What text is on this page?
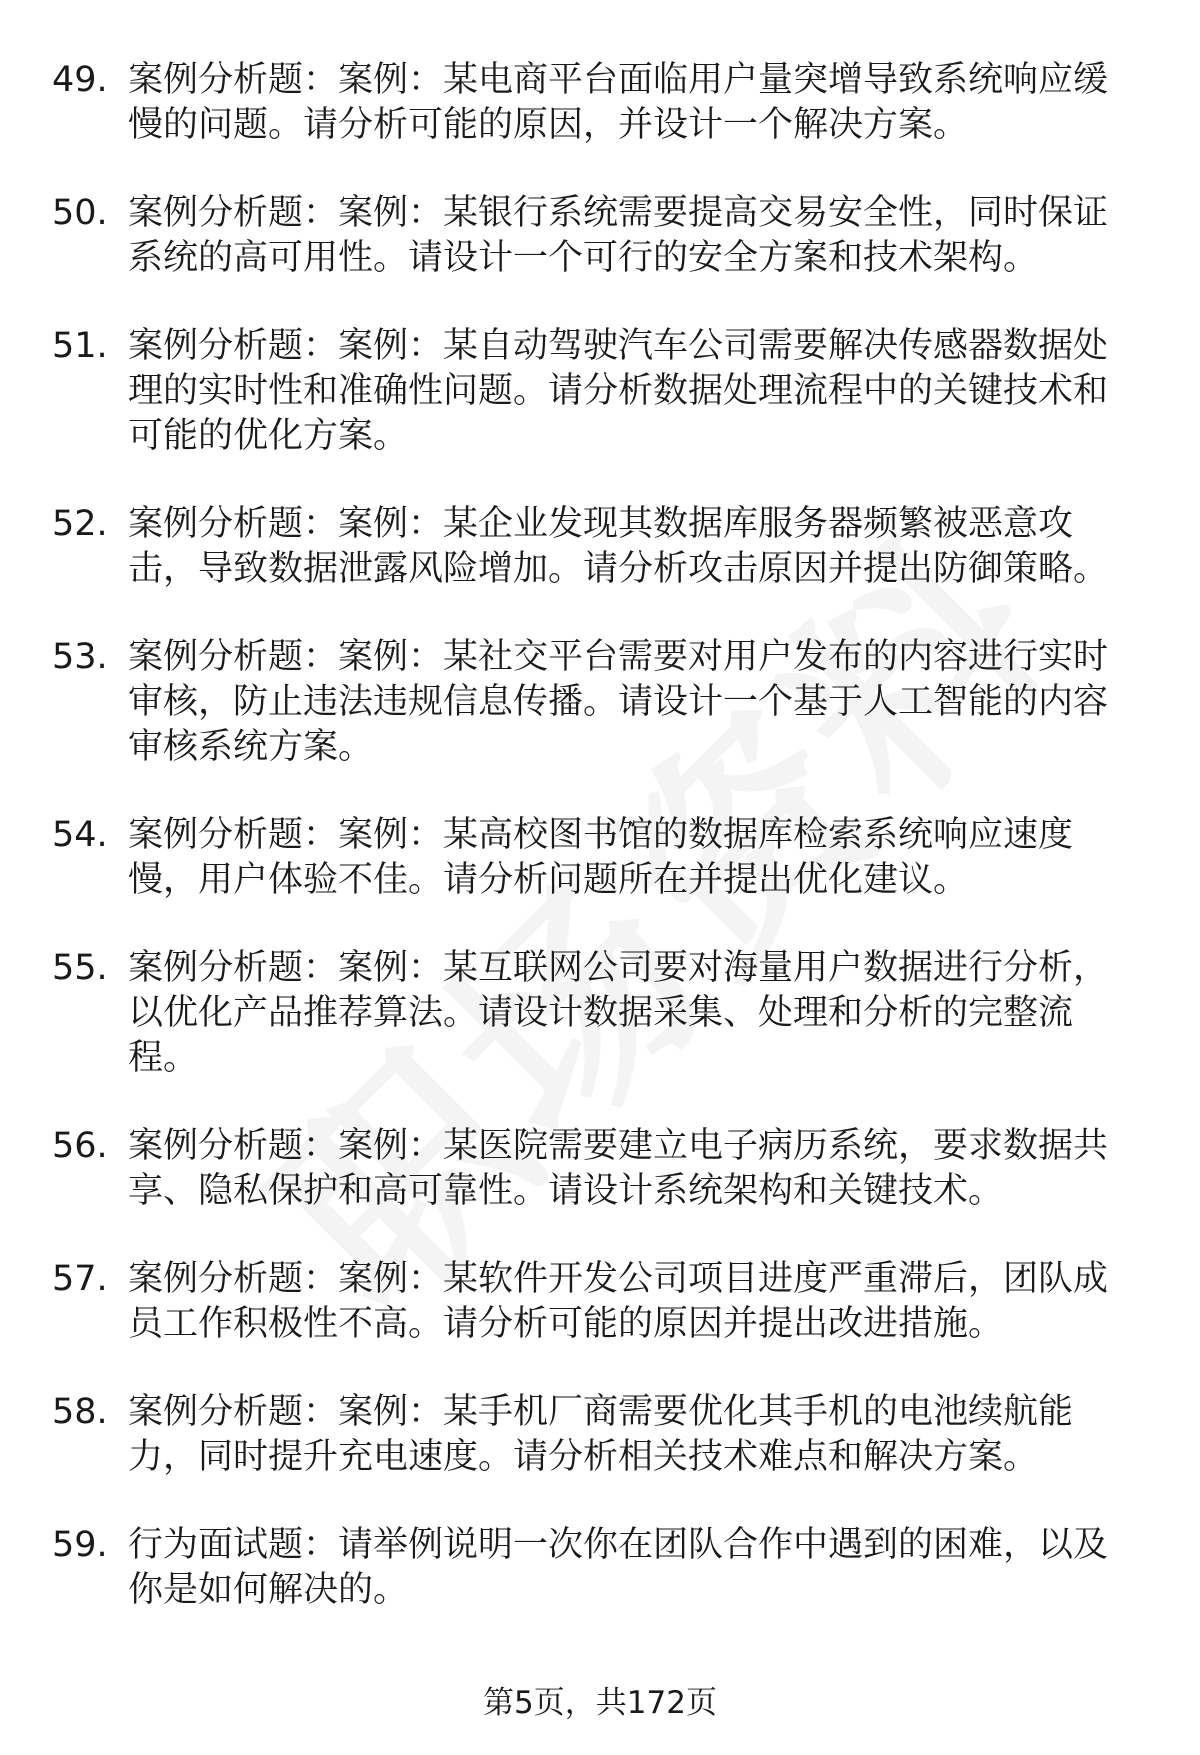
49. 案例分析题：案例：某电商平台面临用户量突增导致系统响应缓慢的问题。请分析可能的原因，并设计一个解决方案。
50. 案例分析题：案例：某银行系统需要提高交易安全性，同时保证系统的高可用性。请设计一个可行的安全方案和技术架构。
51. 案例分析题：案例：某自动驾驶汽车公司需要解决传感器数据处理的实时性和准确性问题。请分析数据处理流程中的关键技术和可能的优化方案。
52. 案例分析题：案例：某企业发现其数据库服务器频繁被恶意攻击，导致数据泄露风险增加。请分析攻击原因并提出防御策略。
53. 案例分析题：案例：某社交平台需要对用户发布的内容进行实时审核，防止违法违规信息传播。请设计一个基于人工智能的内容审核系统方案。
54. 案例分析题：案例：某高校图书馆的数据库检索系统响应速度慢，用户体验不佳。请分析问题所在并提出优化建议。
55. 案例分析题：案例：某互联网公司要对海量用户数据进行分析，以优化产品推荐算法。请设计数据采集、处理和分析的完整流程。
56. 案例分析题：案例：某医院需要建立电子病历系统，要求数据共享、隐私保护和高可靠性。请设计系统架构和关键技术。
57. 案例分析题：案例：某软件开发公司项目进度严重滞后，团队成员工作积极性不高。请分析可能的原因并提出改进措施。
58. 案例分析题：案例：某手机厂商需要优化其手机的电池续航能力，同时提升充电速度。请分析相关技术难点和解决方案。
59. 行为面试题：请举例说明一次你在团队合作中遇到的困难，以及你是如何解决的。
第5页，共172页
